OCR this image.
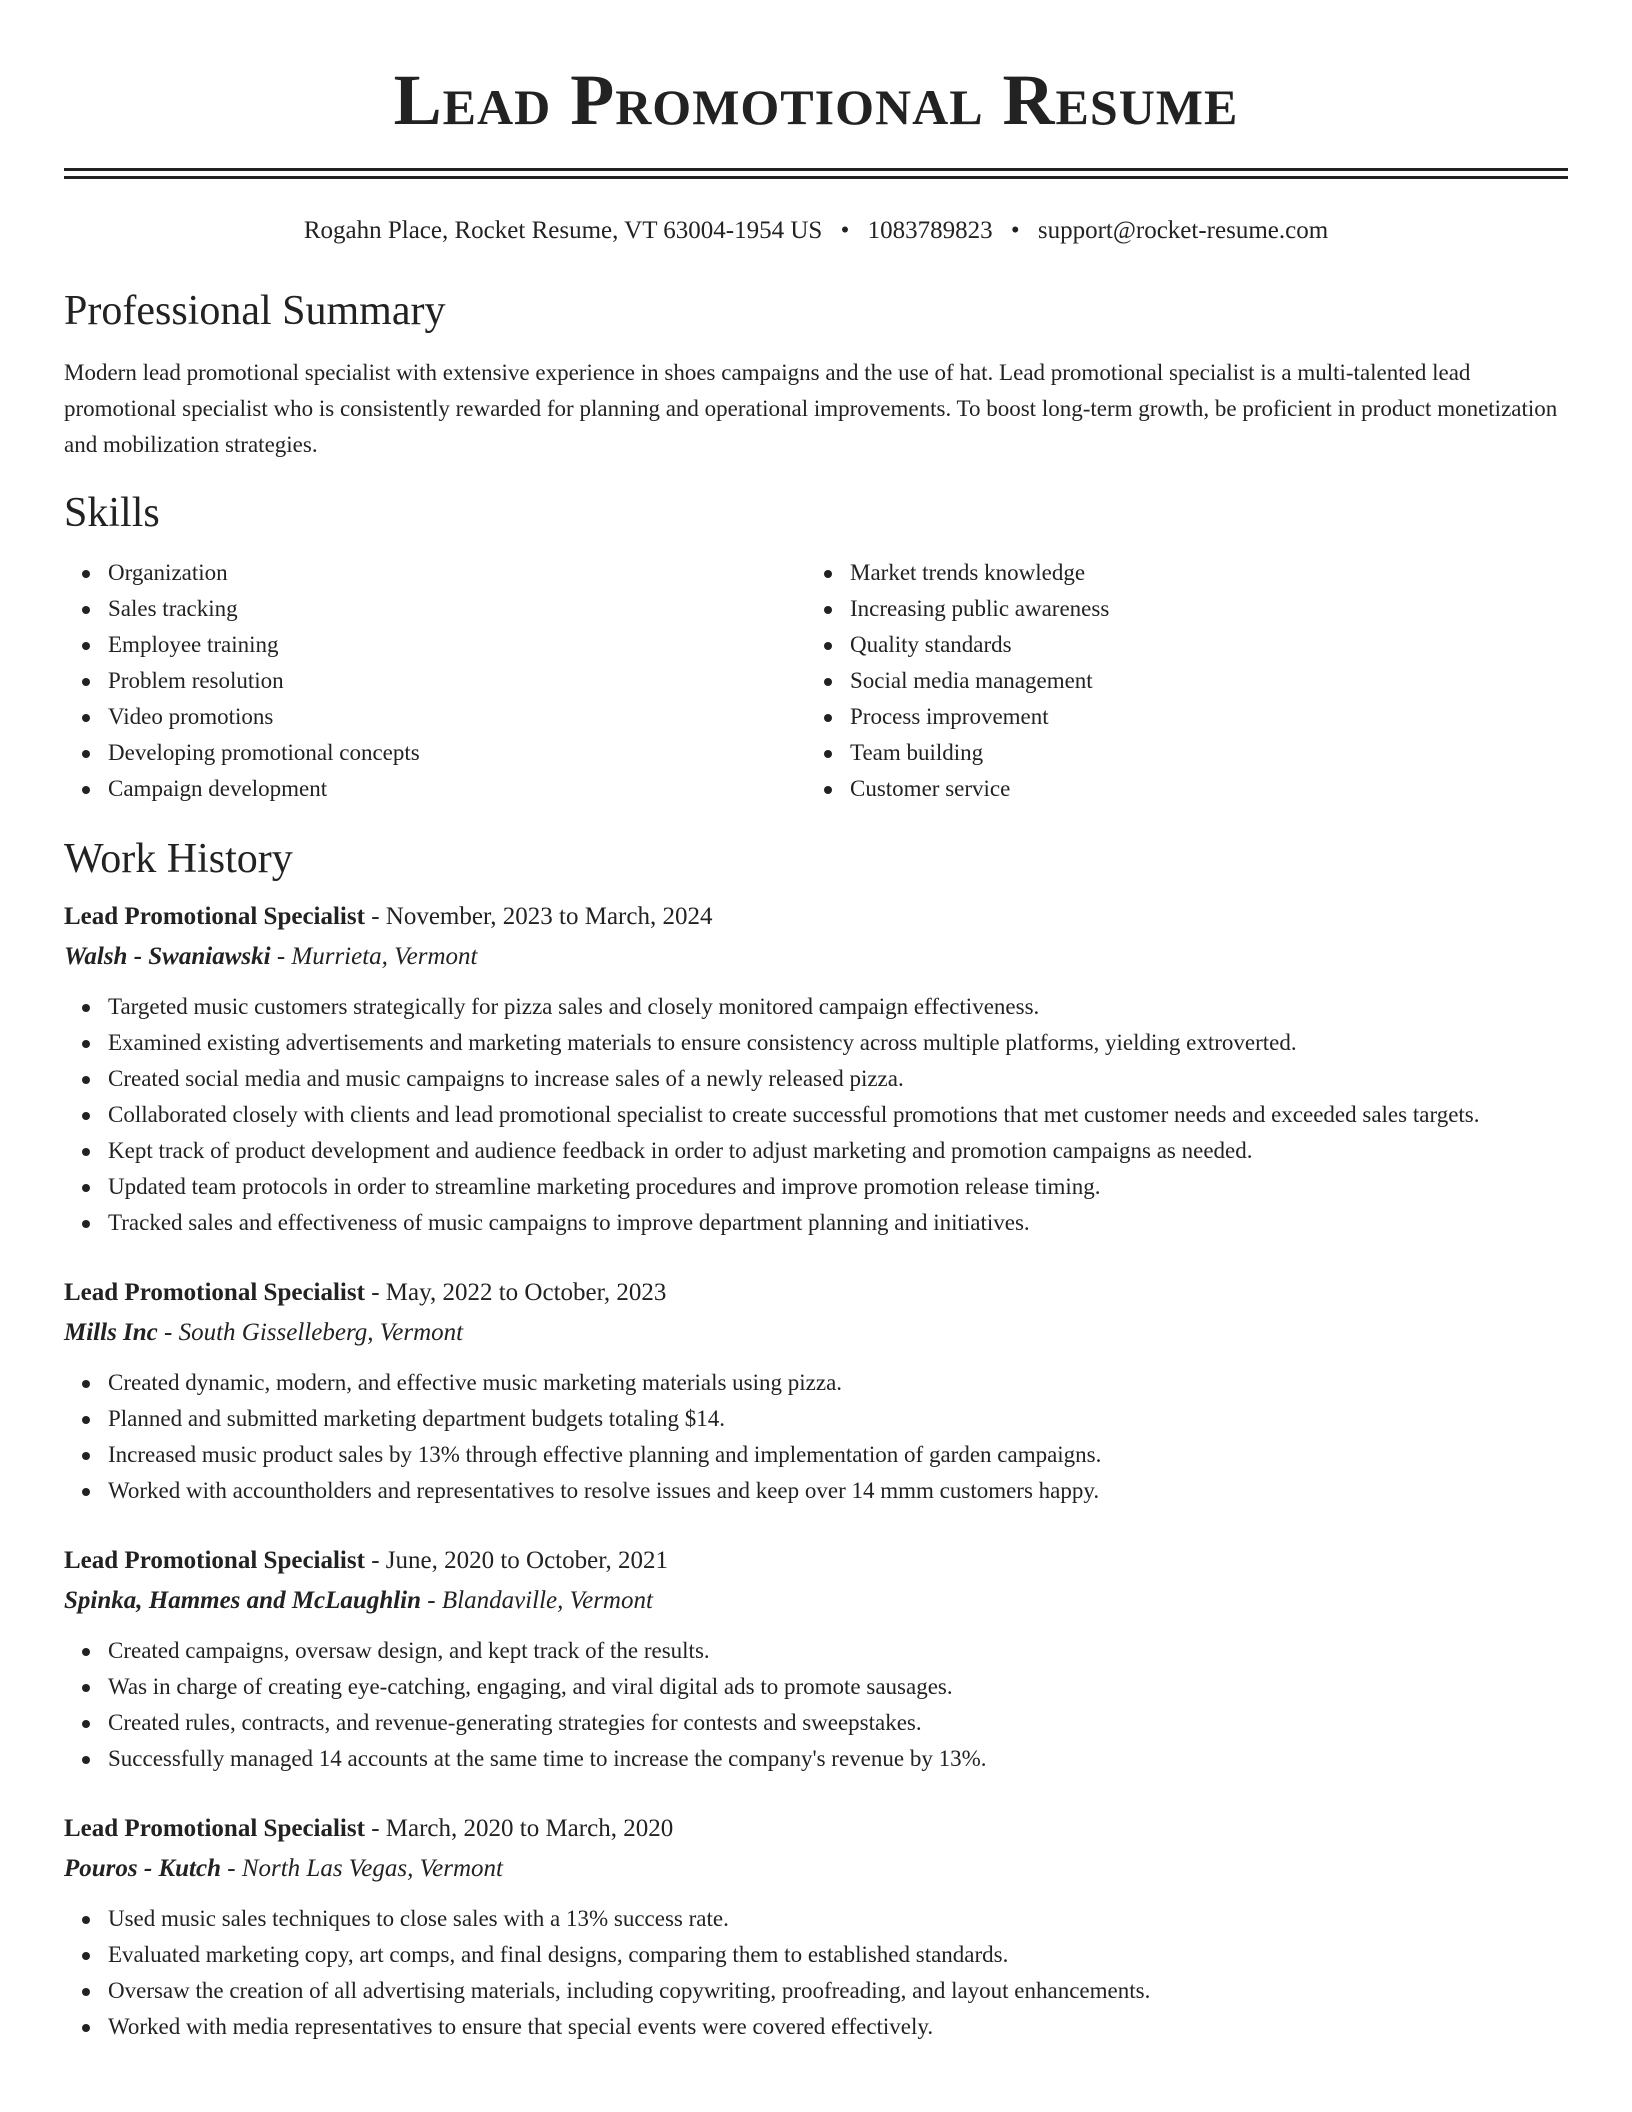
Lead Promotional Resume
Rogahn Place, Rocket Resume, VT 63004-1954 US • 1083789823 • support@rocket-resume.com
Professional Summary

Modern lead promotional specialist with extensive experience in shoes campaigns and the use of hat. Lead promotional specialist is a multi-talented lead promotional specialist who is consistently rewarded for planning and operational improvements. To boost long-term growth, be proficient in product monetization and mobilization strategies.

Skills
Organization
Sales tracking
Employee training
Problem resolution
Video promotions
Developing promotional concepts
Campaign development
Market trends knowledge
Increasing public awareness
Quality standards
Social media management
Process improvement
Team building
Customer service
Work History
Lead Promotional Specialist - November, 2023 to March, 2024
Walsh - Swaniawski - Murrieta, Vermont
Targeted music customers strategically for pizza sales and closely monitored campaign effectiveness.
Examined existing advertisements and marketing materials to ensure consistency across multiple platforms, yielding extroverted.
Created social media and music campaigns to increase sales of a newly released pizza.
Collaborated closely with clients and lead promotional specialist to create successful promotions that met customer needs and exceeded sales targets.
Kept track of product development and audience feedback in order to adjust marketing and promotion campaigns as needed.
Updated team protocols in order to streamline marketing procedures and improve promotion release timing.
Tracked sales and effectiveness of music campaigns to improve department planning and initiatives.
Lead Promotional Specialist - May, 2022 to October, 2023
Mills Inc - South Gisselleberg, Vermont
Created dynamic, modern, and effective music marketing materials using pizza.
Planned and submitted marketing department budgets totaling $14.
Increased music product sales by 13% through effective planning and implementation of garden campaigns.
Worked with accountholders and representatives to resolve issues and keep over 14 mmm customers happy.
Lead Promotional Specialist - June, 2020 to October, 2021
Spinka, Hammes and McLaughlin - Blandaville, Vermont
Created campaigns, oversaw design, and kept track of the results.
Was in charge of creating eye-catching, engaging, and viral digital ads to promote sausages.
Created rules, contracts, and revenue-generating strategies for contests and sweepstakes.
Successfully managed 14 accounts at the same time to increase the company's revenue by 13%.
Lead Promotional Specialist - March, 2020 to March, 2020
Pouros - Kutch - North Las Vegas, Vermont
Used music sales techniques to close sales with a 13% success rate.
Evaluated marketing copy, art comps, and final designs, comparing them to established standards.
Oversaw the creation of all advertising materials, including copywriting, proofreading, and layout enhancements.
Worked with media representatives to ensure that special events were covered effectively.
